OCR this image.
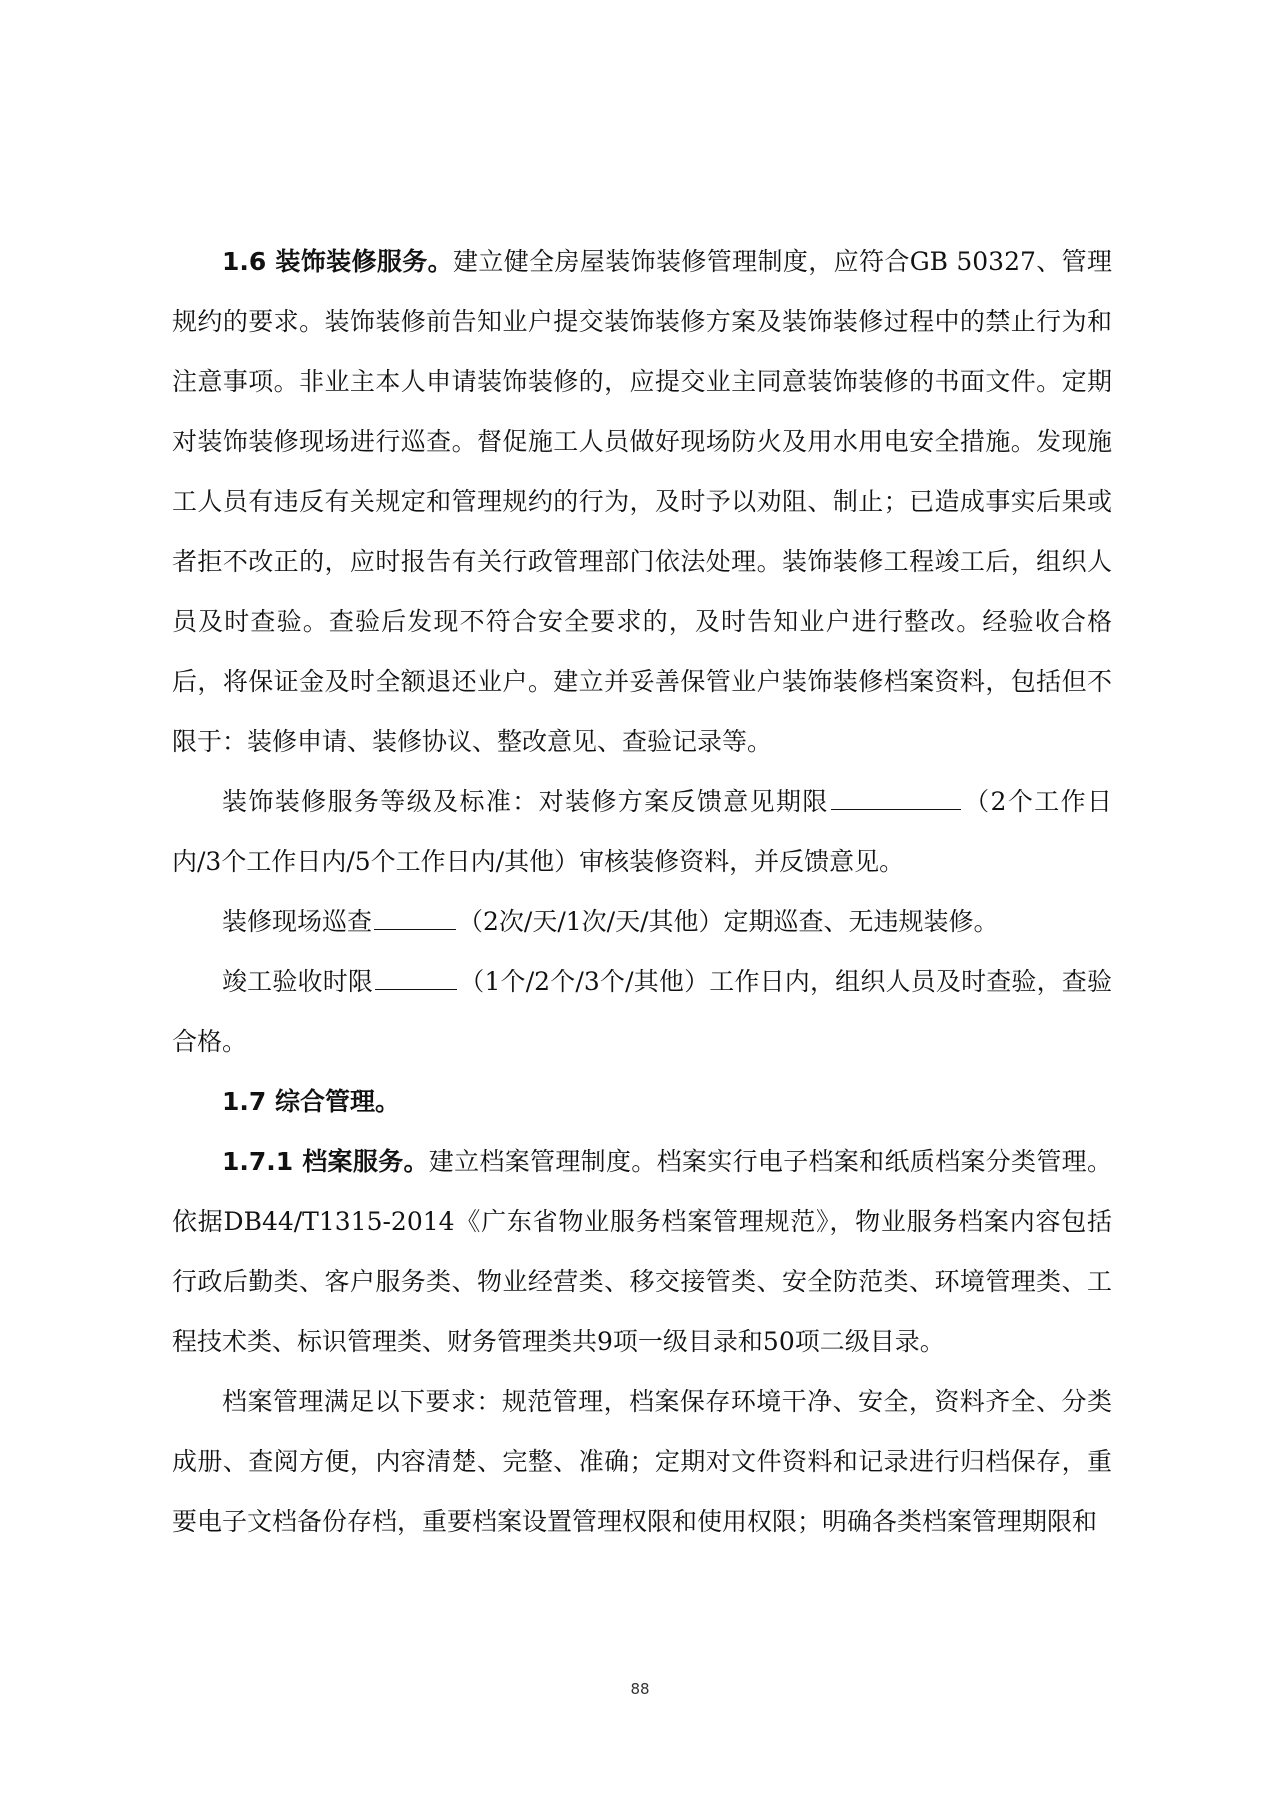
1.6 装饰装修服务。建立健全房屋装饰装修管理制度，应符合GB 50327、管理规约的要求。装饰装修前告知业户提交装饰装修方案及装饰装修过程中的禁止行为和注意事项。非业主本人申请装饰装修的，应提交业主同意装饰装修的书面文件。定期对装饰装修现场进行巡查。督促施工人员做好现场防火及用水用电安全措施。发现施工人员有违反有关规定和管理规约的行为，及时予以劝阻、制止；已造成事实后果或者拒不改正的，应时报告有关行政管理部门依法处理。装饰装修工程竣工后，组织人员及时查验。查验后发现不符合安全要求的，及时告知业户进行整改。经验收合格后，将保证金及时全额退还业户。建立并妥善保管业户装饰装修档案资料，包括但不限于：装修申请、装修协议、整改意见、查验记录等。

装饰装修服务等级及标准：对装修方案反馈意见期限	（2个工作日内/3个工作日内/5个工作日内/其他）审核装修资料，并反馈意见。

装修现场巡查	（2次/天/1次/天/其他）定期巡查、无违规装修。

竣工验收时限	（1个/2个/3个/其他）工作日内，组织人员及时查验，查验合格。

1.7 综合管理。

1.7.1 档案服务。建立档案管理制度。档案实行电子档案和纸质档案分类管理。依据DB44/T1315-2014《广东省物业服务档案管理规范》，物业服务档案内容包括行政后勤类、客户服务类、物业经营类、移交接管类、安全防范类、环境管理类、工程技术类、标识管理类、财务管理类共9项一级目录和50项二级目录。

档案管理满足以下要求：规范管理，档案保存环境干净、安全，资料齐全、分类成册、查阅方便，内容清楚、完整、准确；定期对文件资料和记录进行归档保存，重要电子文档备份存档，重要档案设置管理权限和使用权限；明确各类档案管理期限和

88
